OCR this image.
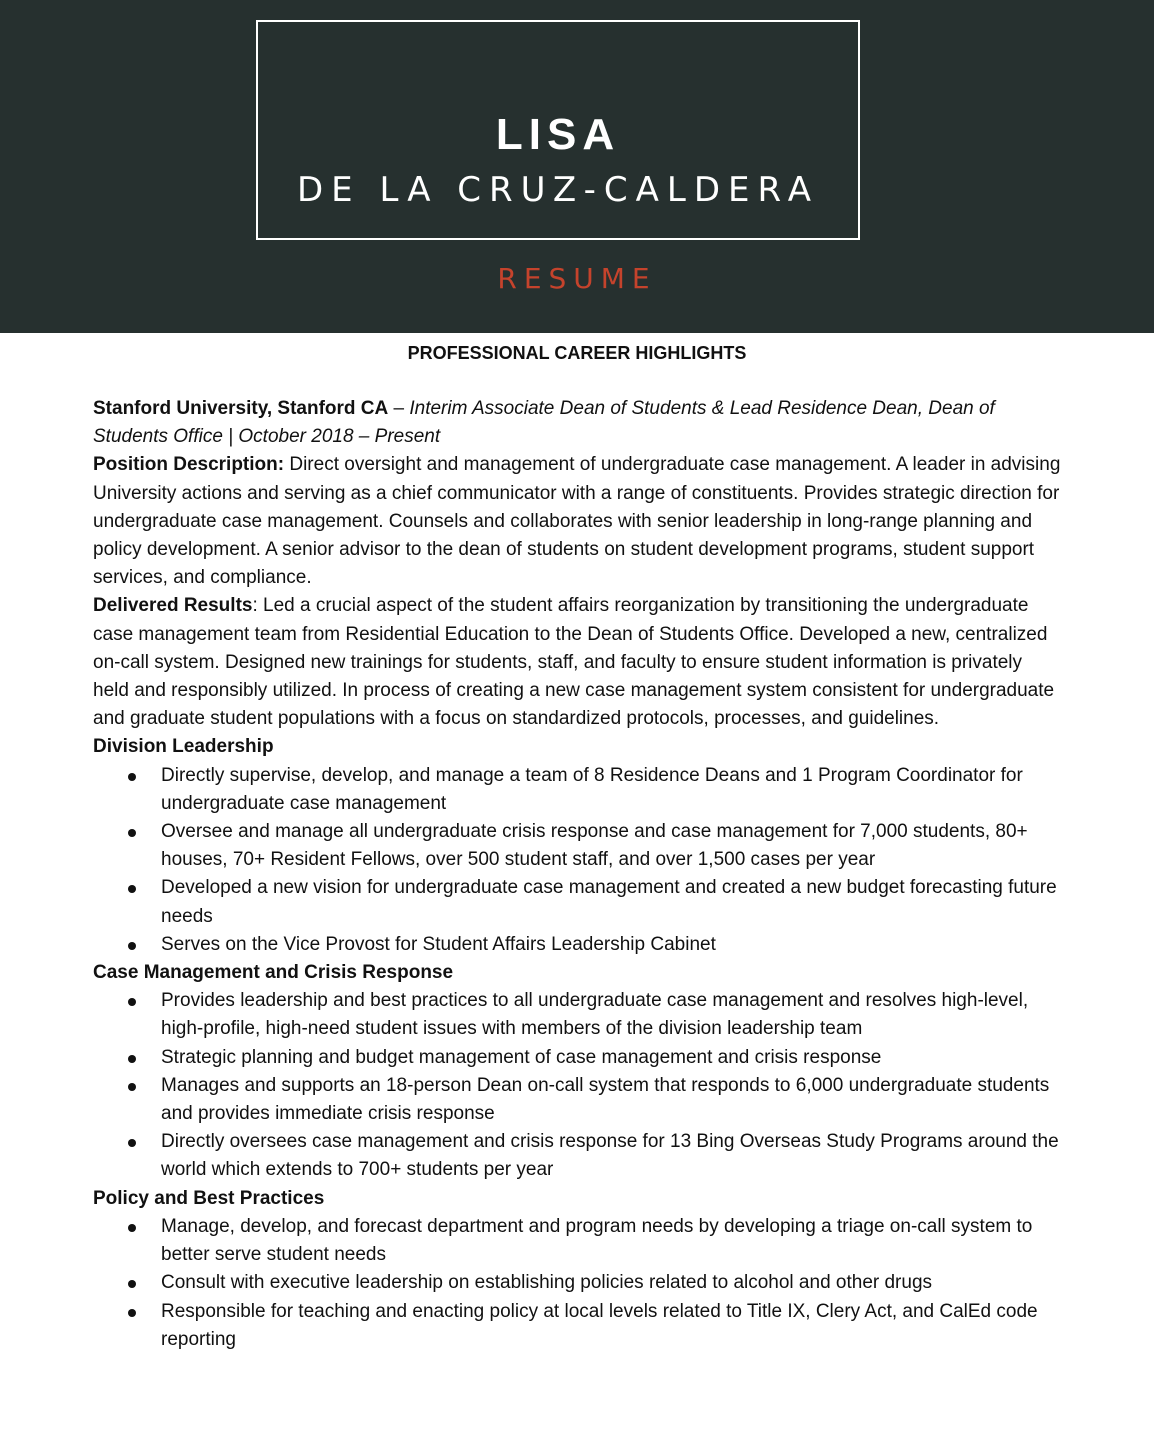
LISA
DE LA CRUZ-CALDERA
RESUME
PROFESSIONAL CAREER HIGHLIGHTS

Stanford University, Stanford CA – Interim Associate Dean of Students & Lead Residence Dean, Dean of Students Office | October 2018 – Present

Position Description: Direct oversight and management of undergraduate case management. A leader in advising University actions and serving as a chief communicator with a range of constituents. Provides strategic direction for undergraduate case management. Counsels and collaborates with senior leadership in long-range planning and policy development. A senior advisor to the dean of students on student development programs, student support services, and compliance.

Delivered Results: Led a crucial aspect of the student affairs reorganization by transitioning the undergraduate case management team from Residential Education to the Dean of Students Office. Developed a new, centralized on-call system. Designed new trainings for students, staff, and faculty to ensure student information is privately held and responsibly utilized. In process of creating a new case management system consistent for undergraduate and graduate student populations with a focus on standardized protocols, processes, and guidelines.

Division Leadership

Directly supervise, develop, and manage a team of 8 Residence Deans and 1 Program Coordinator for undergraduate case management
Oversee and manage all undergraduate crisis response and case management for 7,000 students, 80+ houses, 70+ Resident Fellows, over 500 student staff, and over 1,500 cases per year
Developed a new vision for undergraduate case management and created a new budget forecasting future needs
Serves on the Vice Provost for Student Affairs Leadership Cabinet

Case Management and Crisis Response

Provides leadership and best practices to all undergraduate case management and resolves high-level, high-profile, high-need student issues with members of the division leadership team
Strategic planning and budget management of case management and crisis response
Manages and supports an 18-person Dean on-call system that responds to 6,000 undergraduate students and provides immediate crisis response
Directly oversees case management and crisis response for 13 Bing Overseas Study Programs around the world which extends to 700+ students per year

Policy and Best Practices

Manage, develop, and forecast department and program needs by developing a triage on-call system to better serve student needs
Consult with executive leadership on establishing policies related to alcohol and other drugs
Responsible for teaching and enacting policy at local levels related to Title IX, Clery Act, and CalEd code reporting
